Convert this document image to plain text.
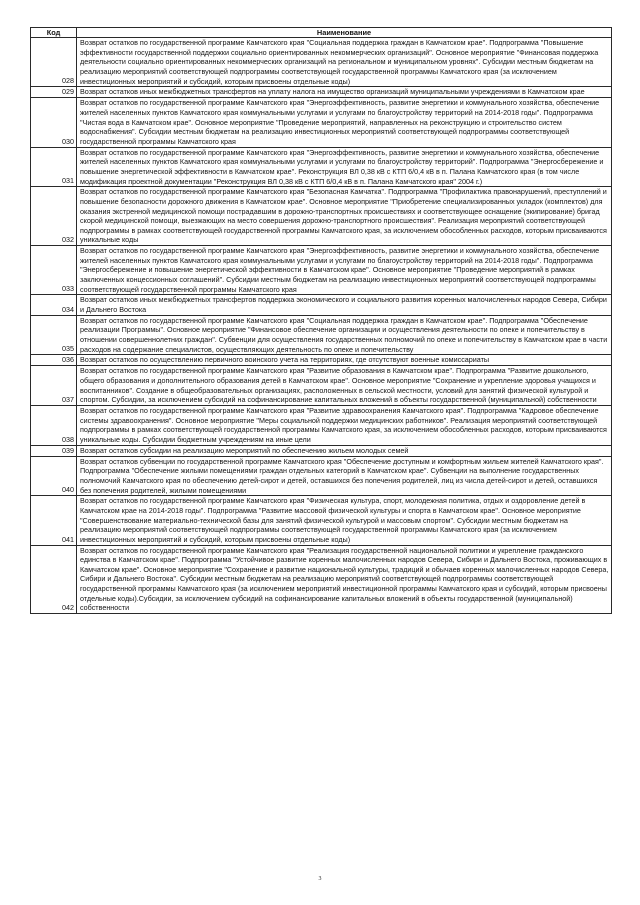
Код	Наименование
028	Возврат остатков по государственной программе Камчатского края "Социальная поддержка граждан в Камчатском крае". Подпрограмма "Повышение эффективности государственной поддержки социально ориентированных некоммерческих организаций". Основное мероприятие "Финансовая поддержка деятельности социально ориентированных некоммерческих организаций на региональном и муниципальном уровнях". Субсидии местным бюджетам на реализацию мероприятий соответствующей подпрограммы соответствующей государственной программы Камчатского края (за исключением инвестиционных мероприятий и субсидий, которым присвоены отдельные коды)
029	Возврат остатков иных межбюджетных трансфертов на уплату налога на имущество организаций муниципальными учреждениями в Камчатском крае
030	Возврат остатков по государственной программе Камчатского края "Энергоэффективность, развитие энергетики и коммунального хозяйства, обеспечение жителей населенных пунктов Камчатского края коммунальными услугами и услугами по благоустройству территорий на 2014-2018 годы". Подпрограмма "Чистая вода в Камчатском крае". Основное мероприятие "Проведение мероприятий, направленных на реконструкцию и строительство систем водоснабжения". Субсидии местным бюджетам на реализацию инвестиционных мероприятий соответствующей подпрограммы соответствующей государственной программы Камчатского края
031	Возврат остатков по государственной программе Камчатского края "Энергоэффективность, развитие энергетики и коммунального хозяйства, обеспечение жителей населенных пунктов Камчатского края коммунальными услугами и услугами по благоустройству территорий". Подпрограмма "Энергосбережение и повышение энергетической эффективности в Камчатском крае". Реконструкция ВЛ 0,38 кВ с КТП 6/0,4 кВ в п. Палана Камчатского края (в том числе модификация проектной документации "Реконструкция ВЛ 0,38 кВ с КТП 6/0,4 кВ в п. Палана Камчатского края" 2004 г.)
032	Возврат остатков по государственной программе Камчатского края "Безопасная Камчатка". Подпрограмма "Профилактика правонарушений, преступлений и повышение безопасности дорожного движения в Камчатском крае". Основное мероприятие "Приобретение специализированных укладок (комплектов) для оказания экстренной медицинской помощи пострадавшим в дорожно-транспортных происшествиях и соответствующее оснащение (экипирование) бригад скорой медицинской помощи, выезжающих на место совершения дорожно-транспортного происшествия". Реализация мероприятий соответствующей подпрограммы в рамках соответствующей государственной программы Камчатского края, за исключением обособленных расходов, которым присваиваются уникальные коды
033	Возврат остатков по государственной программе Камчатского края "Энергоэффективность, развитие энергетики и коммунального хозяйства, обеспечение жителей населенных пунктов Камчатского края коммунальными услугами и услугами по благоустройству территорий на 2014-2018 годы". Подпрограмма "Энергосбережение и повышение энергетической эффективности в Камчатском крае". Основное мероприятие "Проведение мероприятий в рамках заключенных концессионных соглашений". Субсидии местным бюджетам на реализацию инвестиционных мероприятий соответствующей подпрограммы соответствующей государственной программы Камчатского края
034	Возврат остатков иных межбюджетных трансфертов поддержка экономического и социального развития коренных малочисленных народов Севера, Сибири и Дальнего Востока
035	Возврат остатков по государственной программе Камчатского края "Социальная поддержка граждан в Камчатском крае". Подпрограмма "Обеспечение реализации Программы". Основное мероприятие "Финансовое обеспечение организации и осуществления деятельности по опеке и попечительству в отношении совершеннолетних граждан". Субвенции для осуществления государственных полномочий по опеке и попечительству в Камчатском крае в части расходов на содержание специалистов, осуществляющих деятельность по опеке и попечительству
036	Возврат остатков по осуществлению первичного воинского учета на территориях, где отсутствуют военные комиссариаты
037	Возврат остатков по государственной программе Камчатского края "Развитие образования в Камчатском крае". Подпрограмма "Развитие дошкольного, общего образования и дополнительного образования детей в Камчатском крае". Основное мероприятие "Сохранение и укрепление здоровья учащихся и воспитанников". Создание в общеобразовательных организациях, расположенных в сельской местности, условий для занятий физической культурой и спортом. Субсидии, за исключением субсидий на софинансирование капитальных вложений в объекты государственной (муниципальной) собственности
038	Возврат остатков по государственной программе Камчатского края "Развитие здравоохранения Камчатского края". Подпрограмма "Кадровое обеспечение системы здравоохранения". Основное мероприятие "Меры социальной поддержки медицинских работников". Реализация мероприятий соответствующей подпрограммы в рамках соответствующей государственной программы Камчатского края, за исключением обособленных расходов, которым присваиваются уникальные коды. Субсидии бюджетным учреждениям на иные цели
039	Возврат остатков субсидии на реализацию мероприятий по обеспечению жильем молодых семей
040	Возврат остатков субвенции по государственной программе Камчатского края "Обеспечение доступным и комфортным жильем жителей Камчатского края". Подпрограмма "Обеспечение жилыми помещениями граждан отдельных категорий в Камчатском крае". Субвенции на выполнение государственных полномочий Камчатского края по обеспечению детей-сирот и детей, оставшихся без попечения родителей, лиц из числа детей-сирот и детей, оставшихся без попечения родителей, жилыми помещениями
041	Возврат остатков по государственной программе Камчатского края "Физическая культура, спорт, молодежная политика, отдых и оздоровление детей в Камчатском крае на 2014-2018 годы". Подпрограмма "Развитие массовой физической культуры и спорта в Камчатском крае". Основное мероприятие "Совершенствование материально-технической базы для занятий физической культурой и массовым спортом". Субсидии местным бюджетам на реализацию мероприятий соответствующей подпрограммы соответствующей государственной программы Камчатского края (за исключением инвестиционных мероприятий и субсидий, которым присвоены отдельные коды)
042	Возврат остатков по государственной программе Камчатского края "Реализация государственной национальной политики и укрепление гражданского единства в Камчатском крае". Подпрограмма "Устойчивое развитие коренных малочисленных народов Севера, Сибири и Дальнего Востока, проживающих в Камчатском крае". Основное мероприятие "Сохранение и развитие национальной культуры, традиций и обычаев коренных малочисленных народов Севера, Сибири и Дальнего Востока". Субсидии местным бюджетам на реализацию мероприятий соответствующей подпрограммы соответствующей государственной программы Камчатского края (за исключением мероприятий инвестиционной программы Камчатского края и субсидий, которым присвоены отдельные коды).Субсидии, за исключением субсидий на софинансирование капитальных вложений в объекты государственной (муниципальной) собственности
3
